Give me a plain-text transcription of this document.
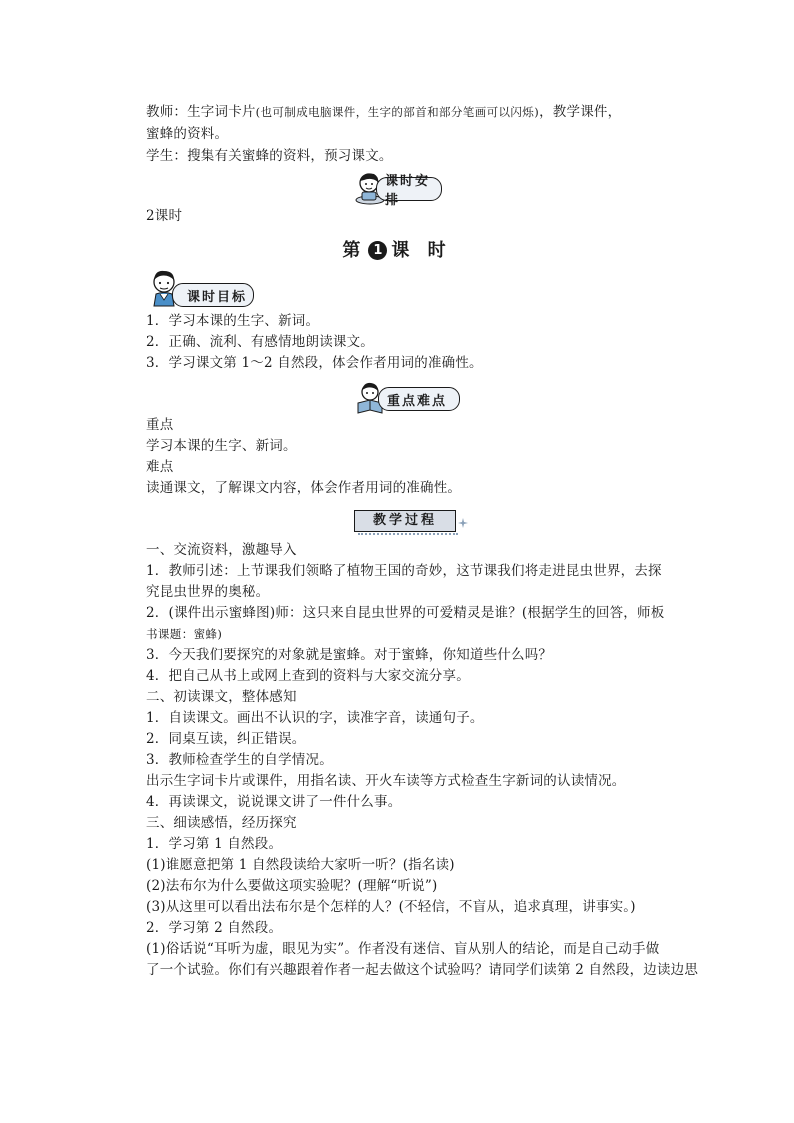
教师：生字词卡片(也可制成电脑课件，生字的部首和部分笔画可以闪烁)，教学课件，
蜜蜂的资料。
学生：搜集有关蜜蜂的资料，预习课文。
课时安排
2课时
第 1 课 时
课时目标
1．学习本课的生字、新词。
2．正确、流利、有感情地朗读课文。
3．学习课文第 1～2 自然段，体会作者用词的准确性。
重点难点
重点
学习本课的生字、新词。
难点
读通课文，了解课文内容，体会作者用词的准确性。
教学过程
一、交流资料，激趣导入
1．教师引述：上节课我们领略了植物王国的奇妙，这节课我们将走进昆虫世界，去探
究昆虫世界的奥秘。
2．(课件出示蜜蜂图)师：这只来自昆虫世界的可爱精灵是谁？(根据学生的回答，师板
书课题：蜜蜂)
3．今天我们要探究的对象就是蜜蜂。对于蜜蜂，你知道些什么吗？
4．把自己从书上或网上查到的资料与大家交流分享。
二、初读课文，整体感知
1．自读课文。画出不认识的字，读准字音，读通句子。
2．同桌互读，纠正错误。
3．教师检查学生的自学情况。
出示生字词卡片或课件，用指名读、开火车读等方式检查生字新词的认读情况。
4．再读课文，说说课文讲了一件什么事。
三、细读感悟，经历探究
1．学习第 1 自然段。
(1)谁愿意把第 1 自然段读给大家听一听？(指名读)
(2)法布尔为什么要做这项实验呢？(理解“听说”)
(3)从这里可以看出法布尔是个怎样的人？(不轻信，不盲从，追求真理，讲事实。)
2．学习第 2 自然段。
(1)俗话说“耳听为虚，眼见为实”。作者没有迷信、盲从别人的结论，而是自己动手做
了一个试验。你们有兴趣跟着作者一起去做这个试验吗？请同学们读第 2 自然段，边读边思
